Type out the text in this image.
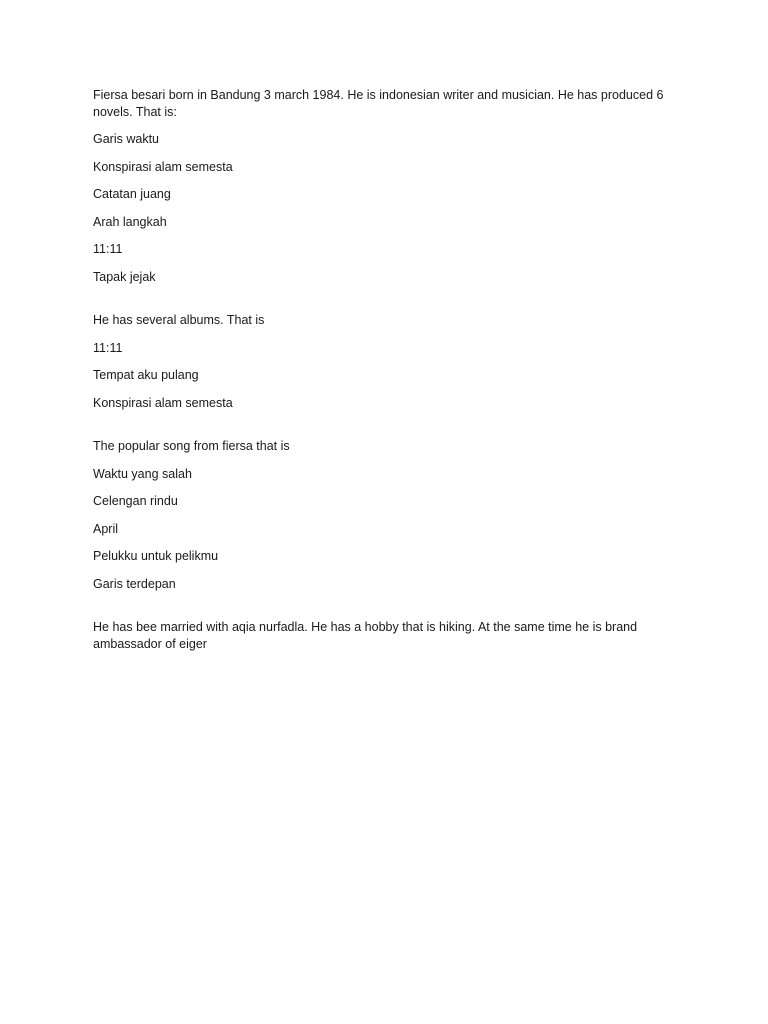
Fiersa besari born in Bandung 3 march 1984. He is indonesian writer and musician. He has produced 6 novels. That is:

Garis waktu

Konspirasi alam semesta

Catatan juang

Arah langkah

11:11

Tapak jejak

He has several albums. That is

11:11

Tempat aku pulang

Konspirasi alam semesta

The popular song from fiersa that is

Waktu yang salah

Celengan rindu

April

Pelukku untuk pelikmu

Garis terdepan

He has bee married with aqia nurfadla. He has a hobby that is hiking. At the same time he is brand ambassador of eiger
